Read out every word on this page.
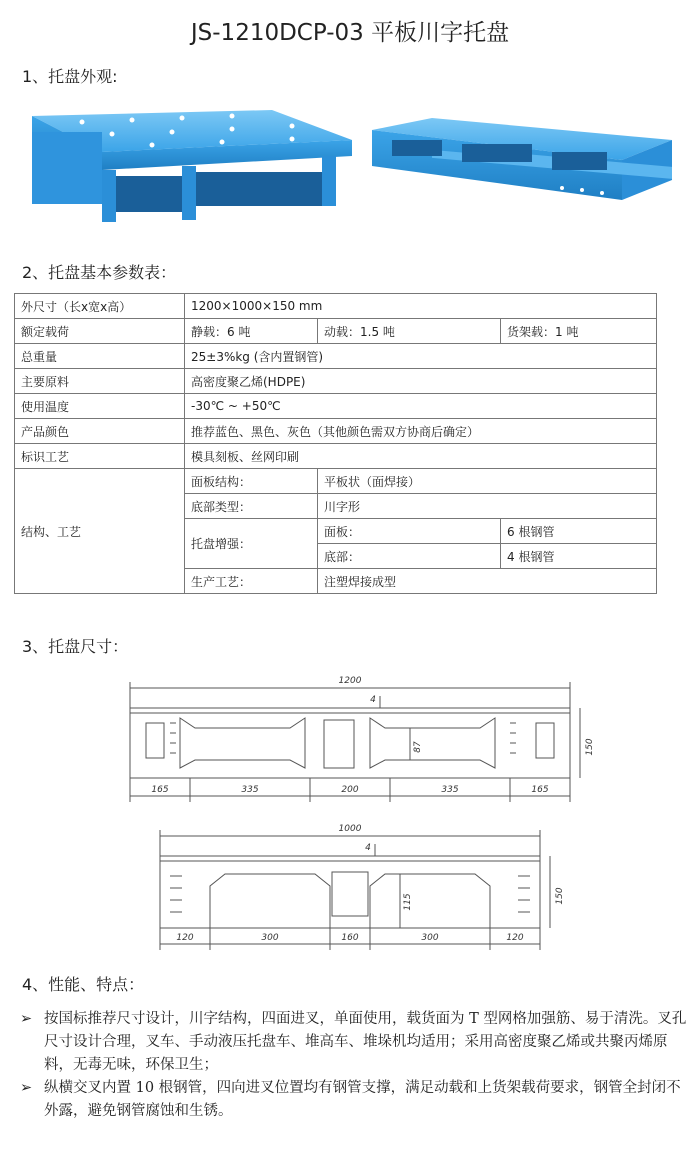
JS-1210DCP-03 平板川字托盘
1、托盘外观:
2、托盘基本参数表：
外尺寸（长x宽x高）	1200×1000×150 mm		
额定载荷	静载：6 吨	动载：1.5 吨	货架载：1 吨
总重量	25±3%kg (含内置钢管)		
主要原料	高密度聚乙烯(HDPE)		
使用温度	-30℃ ~ +50℃		
产品颜色	推荐蓝色、黑色、灰色（其他颜色需双方协商后确定）		
标识工艺	模具刻板、丝网印刷		
结构、工艺	面板结构：	平板状（面焊接）	
	底部类型：	川字形	
	托盘增强：	面板：	6 根钢管
		底部：	4 根钢管
	生产工艺：	注塑焊接成型	
3、托盘尺寸：
1200
4
150
87
165	335	200	335	165
1000
4
150
115
120	300	160	300	120
4、性能、特点：

➢ 按国标推荐尺寸设计，川字结构，四面进叉，单面使用，载货面为 T 型网格加强筋、易于清洗。叉孔尺寸设计合理，叉车、手动液压托盘车、堆高车、堆垛机均适用；采用高密度聚乙烯或共聚丙烯原料，无毒无味，环保卫生；

➢ 纵横交叉内置 10 根钢管，四向进叉位置均有钢管支撑，满足动载和上货架载荷要求，钢管全封闭不外露，避免钢管腐蚀和生锈。
